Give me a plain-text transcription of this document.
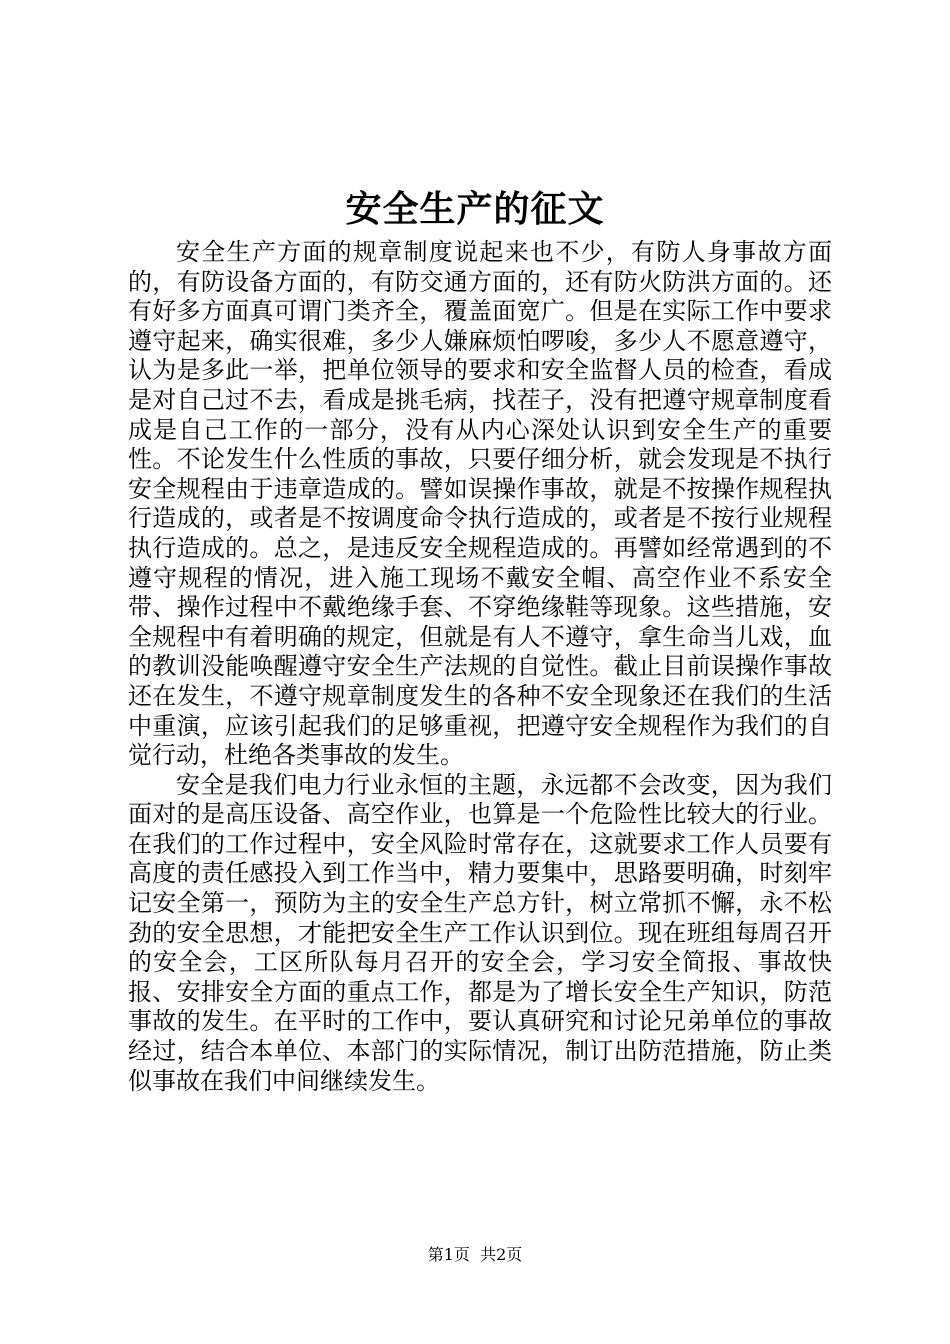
安全生产的征文

安全生产方面的规章制度说起来也不少，有防人身事故方面的，有防设备方面的，有防交通方面的，还有防火防洪方面的。还有好多方面真可谓门类齐全，覆盖面宽广。但是在实际工作中要求遵守起来，确实很难，多少人嫌麻烦怕啰唆，多少人不愿意遵守，认为是多此一举，把单位领导的要求和安全监督人员的检查，看成是对自己过不去，看成是挑毛病，找茬子，没有把遵守规章制度看成是自己工作的一部分，没有从内心深处认识到安全生产的重要性。不论发生什么性质的事故，只要仔细分析，就会发现是不执行安全规程由于违章造成的。譬如误操作事故，就是不按操作规程执行造成的，或者是不按调度命令执行造成的，或者是不按行业规程执行造成的。总之，是违反安全规程造成的。再譬如经常遇到的不遵守规程的情况，进入施工现场不戴安全帽、高空作业不系安全带、操作过程中不戴绝缘手套、不穿绝缘鞋等现象。这些措施，安全规程中有着明确的规定，但就是有人不遵守，拿生命当儿戏，血的教训没能唤醒遵守安全生产法规的自觉性。截止目前误操作事故还在发生，不遵守规章制度发生的各种不安全现象还在我们的生活中重演，应该引起我们的足够重视，把遵守安全规程作为我们的自觉行动，杜绝各类事故的发生。

安全是我们电力行业永恒的主题，永远都不会改变，因为我们面对的是高压设备、高空作业，也算是一个危险性比较大的行业。在我们的工作过程中，安全风险时常存在，这就要求工作人员要有高度的责任感投入到工作当中，精力要集中，思路要明确，时刻牢记安全第一，预防为主的安全生产总方针，树立常抓不懈，永不松劲的安全思想，才能把安全生产工作认识到位。现在班组每周召开的安全会，工区所队每月召开的安全会，学习安全简报、事故快报、安排安全方面的重点工作，都是为了增长安全生产知识，防范事故的发生。在平时的工作中，要认真研究和讨论兄弟单位的事故经过，结合本单位、本部门的实际情况，制订出防范措施，防止类似事故在我们中间继续发生。

第1页  共2页
